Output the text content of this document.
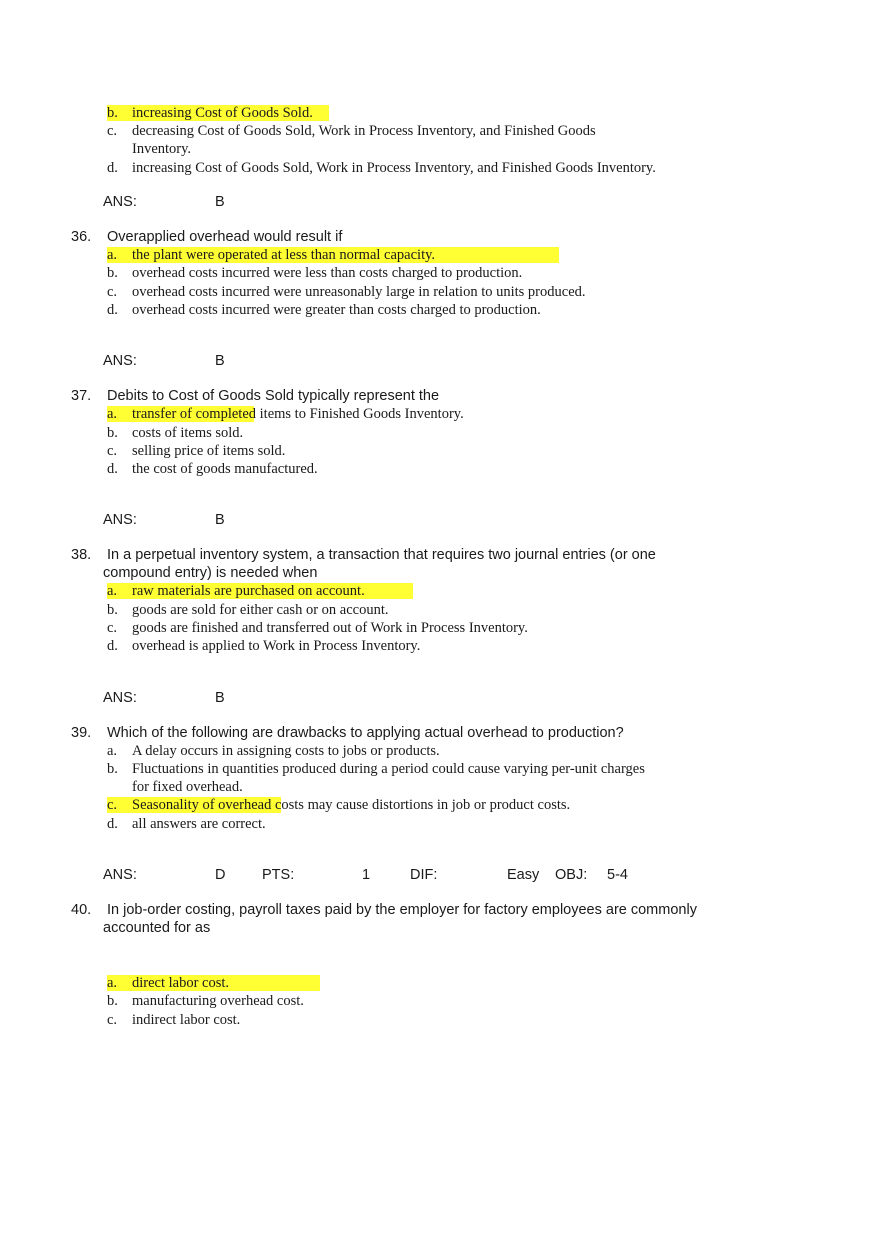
b. increasing Cost of Goods Sold.
c. decreasing Cost of Goods Sold, Work in Process Inventory, and Finished Goods
Inventory.
d. increasing Cost of Goods Sold, Work in Process Inventory, and Finished Goods Inventory.
ANS:	B
36. Overapplied overhead would result if
a. the plant were operated at less than normal capacity.
b. overhead costs incurred were less than costs charged to production.
c. overhead costs incurred were unreasonably large in relation to units produced.
d. overhead costs incurred were greater than costs charged to production.
ANS:	B
37. Debits to Cost of Goods Sold typically represent the
a. transfer of completed items to Finished Goods Inventory.
b. costs of items sold.
c. selling price of items sold.
d. the cost of goods manufactured.
ANS:	B
38. In a perpetual inventory system, a transaction that requires two journal entries (or one
compound entry) is needed when
a. raw materials are purchased on account.
b. goods are sold for either cash or on account.
c. goods are finished and transferred out of Work in Process Inventory.
d. overhead is applied to Work in Process Inventory.
ANS:	B
39. Which of the following are drawbacks to applying actual overhead to production?
a. A delay occurs in assigning costs to jobs or products.
b. Fluctuations in quantities produced during a period could cause varying per-unit charges
for fixed overhead.
c. Seasonality of overhead costs may cause distortions in job or product costs.
d. all answers are correct.
ANS:	D	PTS:	1	DIF:	Easy OBJ: 5-4
40. In job-order costing, payroll taxes paid by the employer for factory employees are commonly
accounted for as
a. direct labor cost.
b. manufacturing overhead cost.
c. indirect labor cost.
